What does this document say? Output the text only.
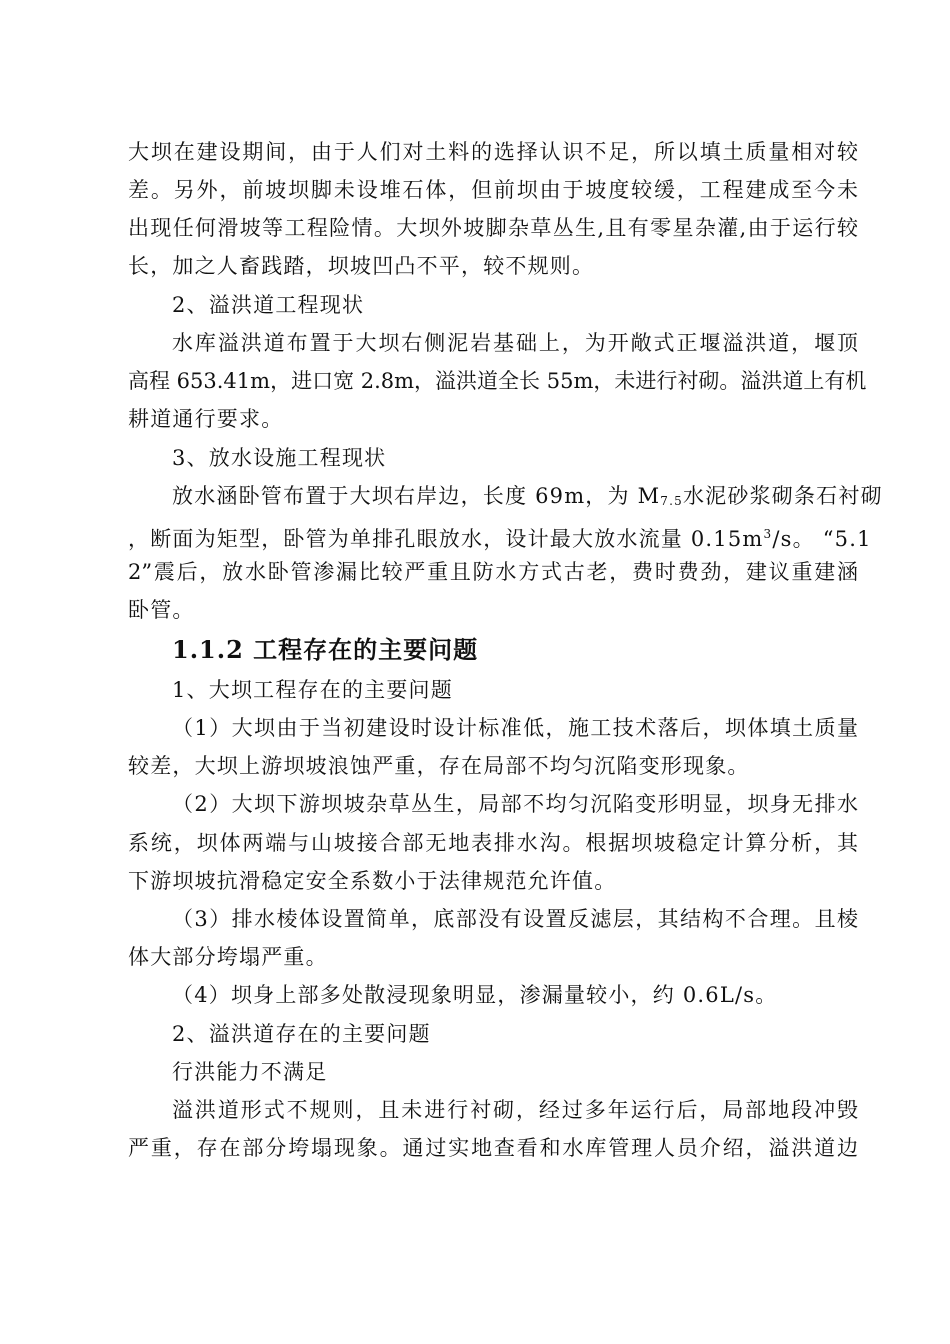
大坝在建设期间，由于人们对土料的选择认识不足，所以填土质量相对较
差。另外，前坡坝脚未设堆石体，但前坝由于坡度较缓，工程建成至今未
出现任何滑坡等工程险情。大坝外坡脚杂草丛生,且有零星杂灌,由于运行较
长，加之人畜践踏，坝坡凹凸不平，较不规则。
2、溢洪道工程现状
水库溢洪道布置于大坝右侧泥岩基础上，为开敞式正堰溢洪道，堰顶
高程 653.41m，进口宽 2.8m，溢洪道全长 55m，未进行衬砌。溢洪道上有机
耕道通行要求。
3、放水设施工程现状
放水涵卧管布置于大坝右岸边，长度 69m，为 $M_{7.5}$水泥砂浆砌条石衬砌
，断面为矩型，卧管为单排孔眼放水，设计最大放水流量 $0.15m^3/s$。 “5.1
2”震后，放水卧管渗漏比较严重且防水方式古老，费时费劲，建议重建涵
卧管。
1.1.2 工程存在的主要问题
1、大坝工程存在的主要问题
（1）大坝由于当初建设时设计标准低，施工技术落后，坝体填土质量
较差，大坝上游坝坡浪蚀严重，存在局部不均匀沉陷变形现象。
（2）大坝下游坝坡杂草丛生，局部不均匀沉陷变形明显，坝身无排水
系统，坝体两端与山坡接合部无地表排水沟。根据坝坡稳定计算分析，其
下游坝坡抗滑稳定安全系数小于法律规范允许值。
（3）排水棱体设置简单，底部没有设置反滤层，其结构不合理。且棱
体大部分垮塌严重。
（4）坝身上部多处散浸现象明显，渗漏量较小，约 0.6L/s。
2、溢洪道存在的主要问题
行洪能力不满足
溢洪道形式不规则，且未进行衬砌，经过多年运行后，局部地段冲毁
严重，存在部分垮塌现象。通过实地查看和水库管理人员介绍，溢洪道边
